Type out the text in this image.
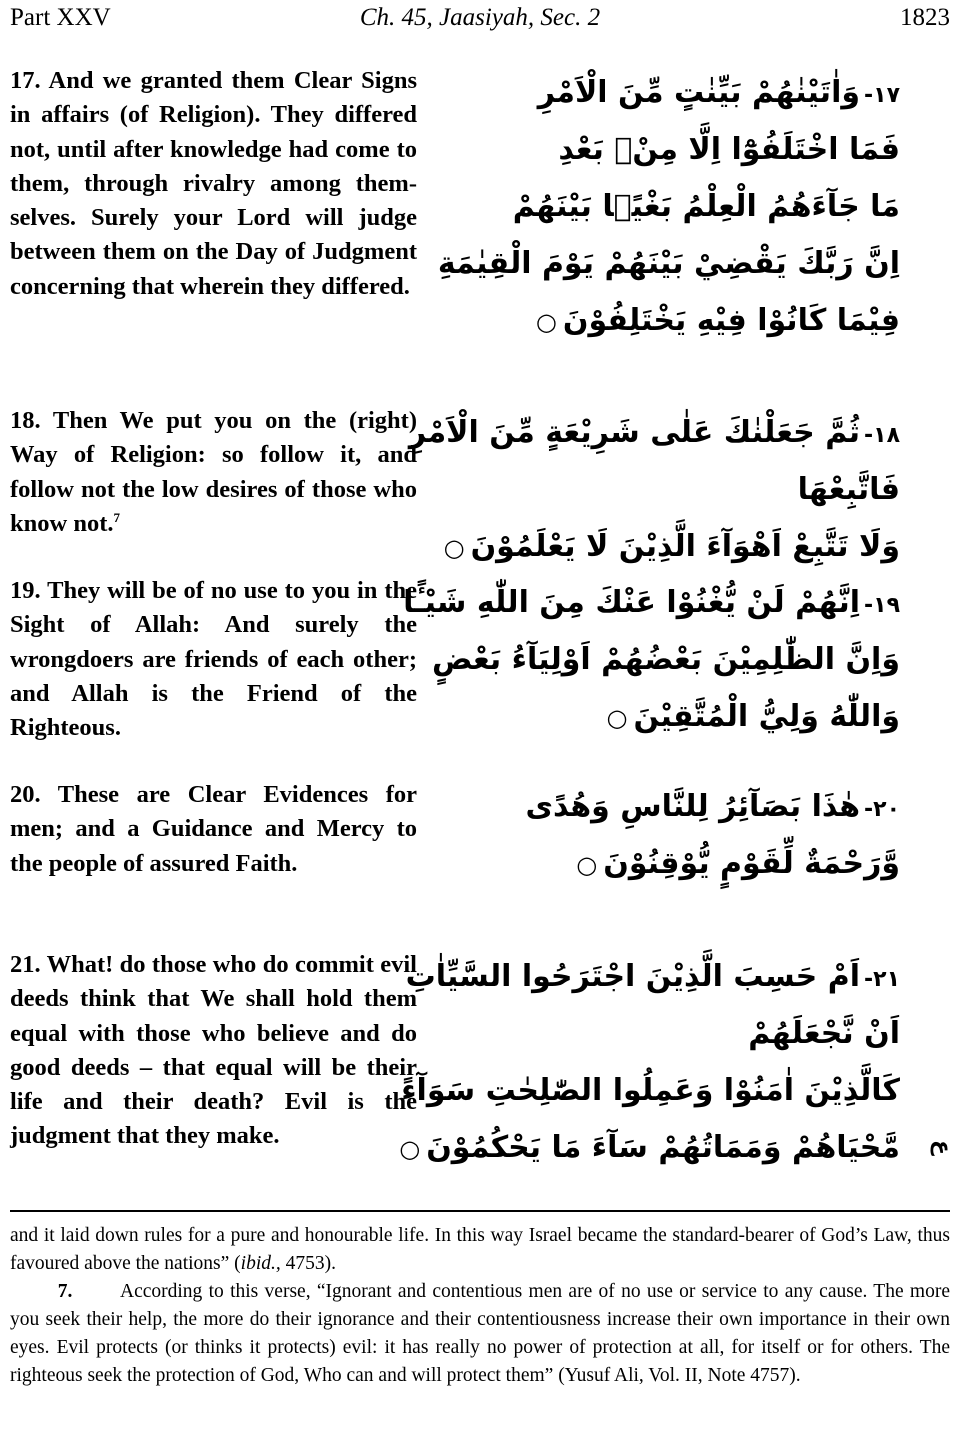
Part XXV	Ch. 45, Jaasiyah, Sec. 2	1823

17. And we granted them Clear Signs in affairs (of Religion). They differed not, until after knowledge had come to them, through rivalry among them-selves. Surely your Lord will judge between them on the Day of Judgment concerning that wherein they differed.

١٧-وَاٰتَيْنٰهُمْ بَيِّنٰتٍ مِّنَ الْاَمْرِ
فَمَا اخْتَلَفُوْٓا اِلَّا مِنْۢ بَعْدِ
مَا جَآءَهُمُ الْعِلْمُ بَغْيًۢا بَيْنَهُمْ
اِنَّ رَبَّكَ يَقْضِيْ بَيْنَهُمْ يَوْمَ الْقِيٰمَةِ
فِيْمَا كَانُوْا فِيْهِ يَخْتَلِفُوْنَ○

18. Then We put you on the (right) Way of Religion: so follow it, and follow not the low desires of those who know not.$^7$

١٨-ثُمَّ جَعَلْنٰكَ عَلٰى شَرِيْعَةٍ مِّنَ الْاَمْرِ
فَاتَّبِعْهَا
وَلَا تَتَّبِعْ اَهْوَآءَ الَّذِيْنَ لَا يَعْلَمُوْنَ○

19. They will be of no use to you in the Sight of Allah: And surely the wrongdoers are friends of each other; and Allah is the Friend of the Righteous.

١٩-اِنَّهُمْ لَنْ يُّغْنُوْا عَنْكَ مِنَ اللّٰهِ شَيْـًٔا
وَاِنَّ الظّٰلِمِيْنَ بَعْضُهُمْ اَوْلِيَآءُ بَعْضٍ
وَاللّٰهُ وَلِيُّ الْمُتَّقِيْنَ○

20. These are Clear Evidences for men; and a Guidance and Mercy to the people of assured Faith.

٢٠-هٰذَا بَصَآئِرُ لِلنَّاسِ وَهُدًى
وَّرَحْمَةٌ لِّقَوْمٍ يُّوْقِنُوْنَ○

21. What! do those who do commit evil deeds think that We shall hold them equal with those who believe and do good deeds – that equal will be their life and their death? Evil is the judgment that they make.

٢١-اَمْ حَسِبَ الَّذِيْنَ اجْتَرَحُوا السَّيِّاٰتِ
اَنْ نَّجْعَلَهُمْ
كَالَّذِيْنَ اٰمَنُوْا وَعَمِلُوا الصّٰلِحٰتِ سَوَآءً
مَّحْيَاهُمْ وَمَمَاتُهُمْ سَآءَ مَا يَحْكُمُوْنَ○	ع

and it laid down rules for a pure and honourable life. In this way Israel became the standard-bearer of God’s Law, thus favoured above the nations” (ibid., 4753).

7. According to this verse, “Ignorant and contentious men are of no use or service to any cause. The more you seek their help, the more do their ignorance and their contentiousness increase their own importance in their own eyes. Evil protects (or thinks it protects) evil: it has really no power of protection at all, for itself or for others. The righteous seek the protection of God, Who can and will protect them” (Yusuf Ali, Vol. II, Note 4757).
